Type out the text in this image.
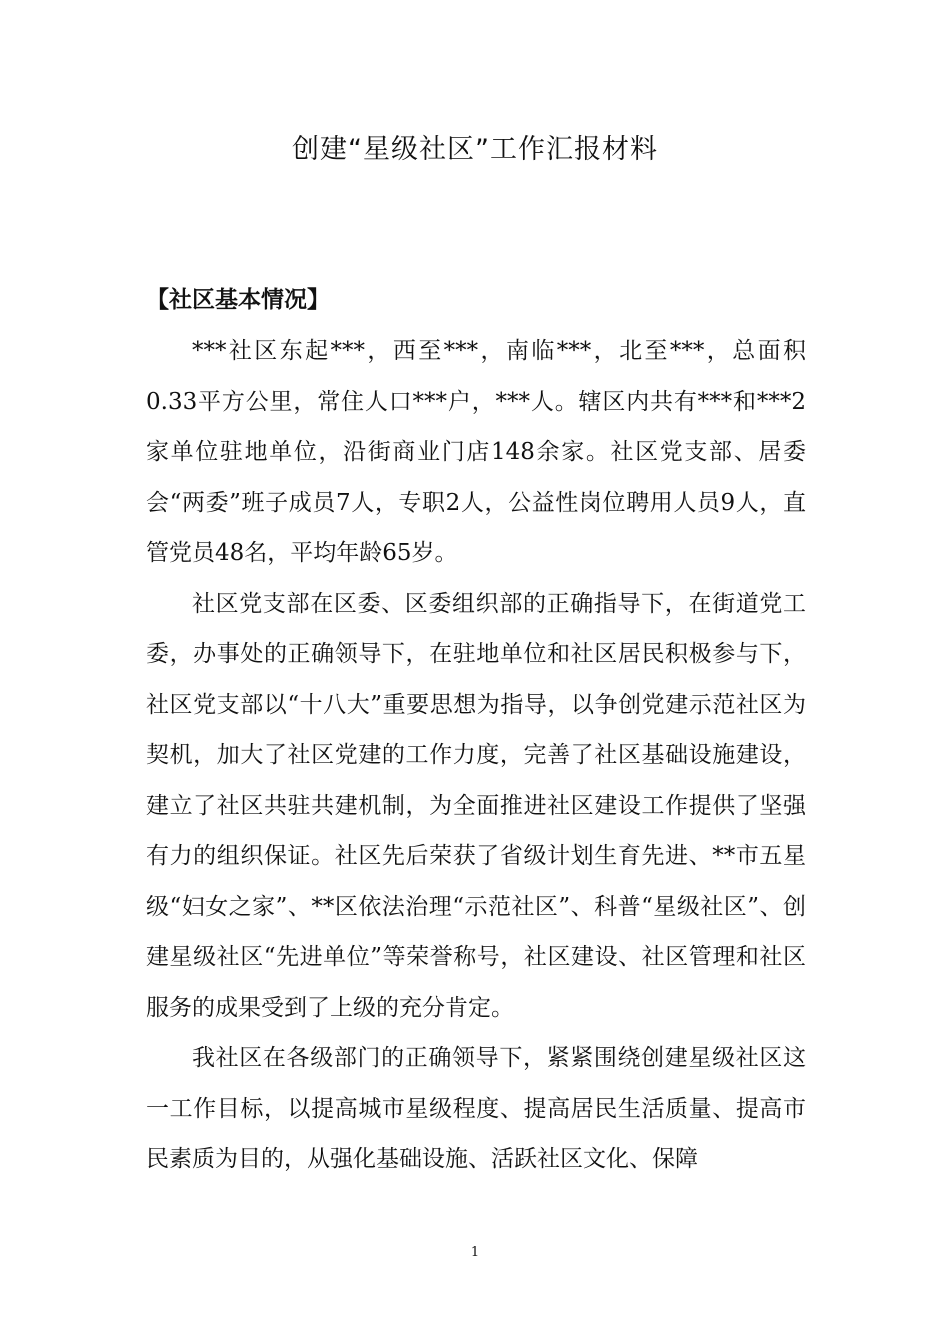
创建“星级社区”工作汇报材料
【社区基本情况】

***社区东起***，西至***，南临***，北至***，总面积0.33平方公里，常住人口***户，***人。辖区内共有***和***2家单位驻地单位，沿街商业门店148余家。社区党支部、居委会“两委”班子成员7人，专职2人，公益性岗位聘用人员9人，直管党员48名，平均年龄65岁。

社区党支部在区委、区委组织部的正确指导下，在街道党工委，办事处的正确领导下，在驻地单位和社区居民积极参与下，社区党支部以“十八大”重要思想为指导，以争创党建示范社区为契机，加大了社区党建的工作力度，完善了社区基础设施建设，建立了社区共驻共建机制，为全面推进社区建设工作提供了坚强有力的组织保证。社区先后荣获了省级计划生育先进、**市五星级“妇女之家”、**区依法治理“示范社区”、科普“星级社区”、创建星级社区“先进单位”等荣誉称号，社区建设、社区管理和社区服务的成果受到了上级的充分肯定。

我社区在各级部门的正确领导下，紧紧围绕创建星级社区这一工作目标，以提高城市星级程度、提高居民生活质量、提高市民素质为目的，从强化基础设施、活跃社区文化、保障

1
